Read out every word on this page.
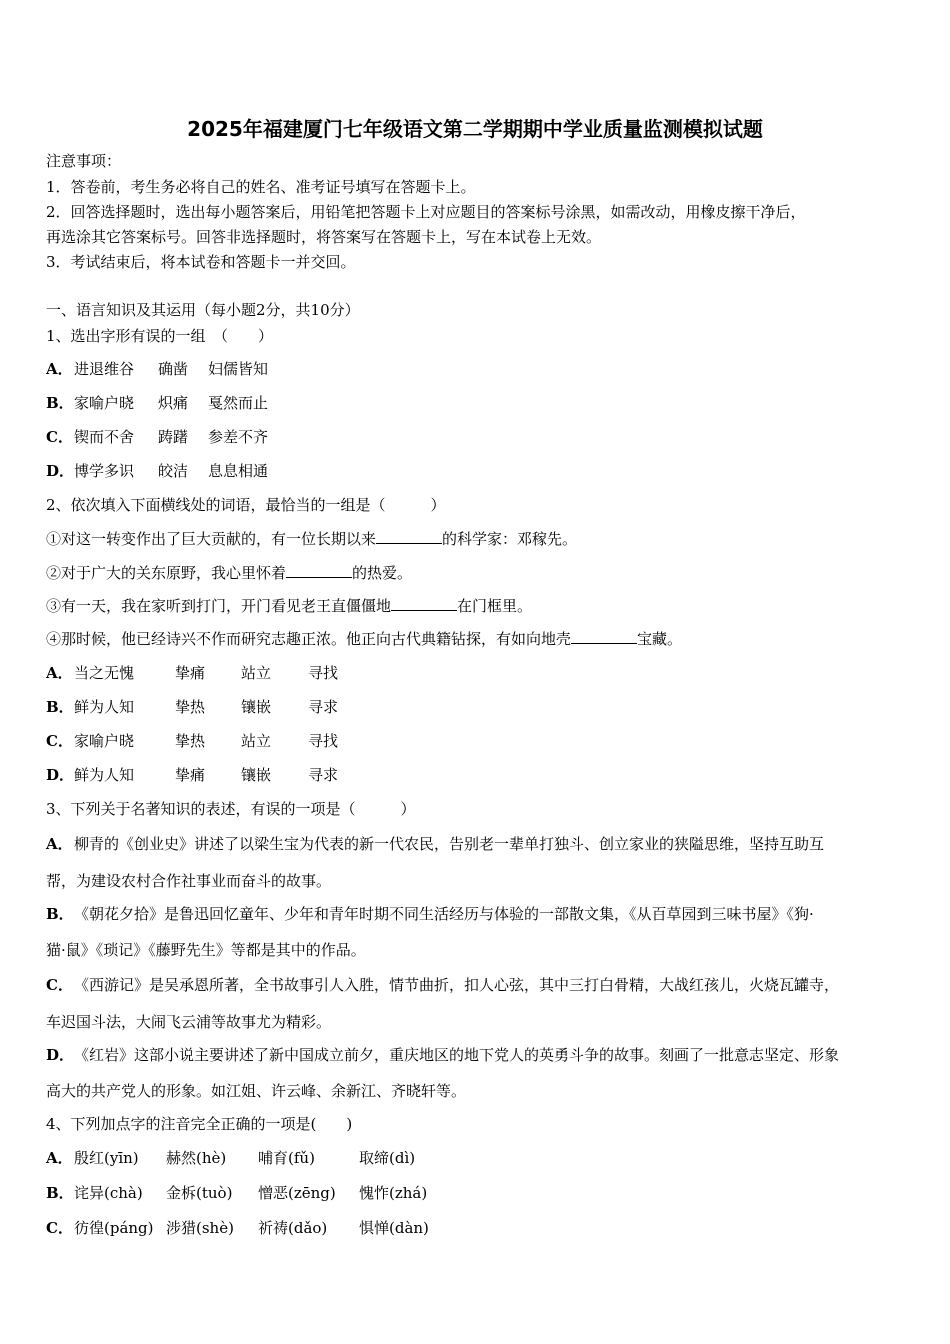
2025年福建厦门七年级语文第二学期期中学业质量监测模拟试题
注意事项：
1．答卷前，考生务必将自己的姓名、准考证号填写在答题卡上。
2．回答选择题时，选出每小题答案后，用铅笔把答题卡上对应题目的答案标号涂黑，如需改动，用橡皮擦干净后，
再选涂其它答案标号。回答非选择题时，将答案写在答题卡上，写在本试卷上无效。
3．考试结束后，将本试卷和答题卡一并交回。
一、语言知识及其运用（每小题2分，共10分）
1、选出字形有误的一组　（　　）
A．进退维谷 确凿 妇儒皆知
B．家喻户晓 炽痛 戛然而止
C．锲而不舍 踌躇 参差不齐
D．博学多识 皎洁 息息相通
2、依次填入下面横线处的词语，最恰当的一组是（　　　）
①对这一转变作出了巨大贡献的，有一位长期以来	的科学家：邓稼先。
②对于广大的关东原野，我心里怀着	的热爱。
③有一天，我在家听到打门，开门看见老王直僵僵地	在门框里。
④那时候，他已经诗兴不作而研究志趣正浓。他正向古代典籍钻探，有如向地壳	宝藏。
A．当之无愧	挚痛 站立 寻找
B．鲜为人知	挚热 镶嵌 寻求
C．家喻户晓	挚热 站立 寻找
D．鲜为人知	挚痛 镶嵌 寻求
3、下列关于名著知识的表述，有误的一项是（　　　）
A．柳青的《创业史》讲述了以梁生宝为代表的新一代农民，告别老一辈单打独斗、创立家业的狭隘思维，坚持互助互
帮，为建设农村合作社事业而奋斗的故事。
B．《朝花夕拾》是鲁迅回忆童年、少年和青年时期不同生活经历与体验的一部散文集，《从百草园到三味书屋》《狗·
猫·鼠》《琐记》《藤野先生》等都是其中的作品。
C．《西游记》是吴承恩所著，全书故事引人入胜，情节曲折，扣人心弦，其中三打白骨精，大战红孩儿，火烧瓦罐寺，
车迟国斗法，大闹飞云浦等故事尤为精彩。
D．《红岩》这部小说主要讲述了新中国成立前夕，重庆地区的地下党人的英勇斗争的故事。刻画了一批意志坚定、形象
高大的共产党人的形象。如江姐、许云峰、余新江、齐晓轩等。
4、下列加点字的注音完全正确的一项是(　　)
A．殷红(yīn) 赫然(hè) 哺育(fǔ)	取缔(dì)
B．诧异(chà) 金柝(tuò) 憎恶(zēng) 愧怍(zhá)
C．彷徨(páng) 涉猎(shè) 祈祷(dǎo) 惧惮(dàn)
